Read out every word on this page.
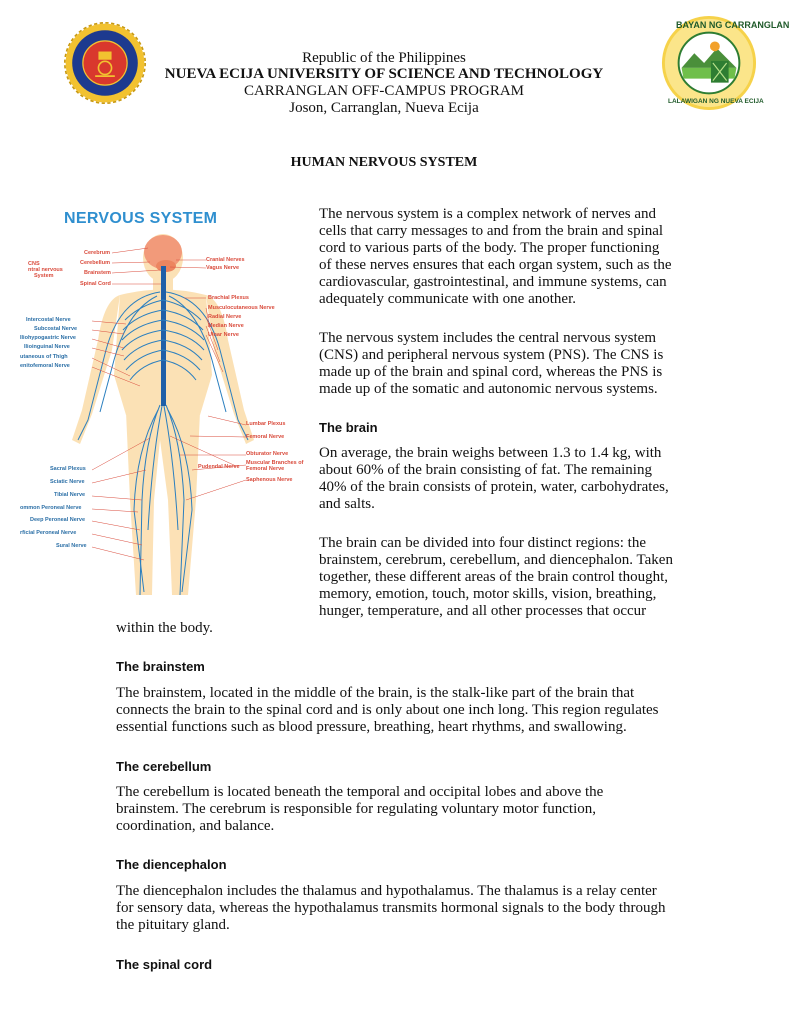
BAYAN NG CARRANGLAN
LALAWIGAN NG NUEVA ECIJA
Republic of the Philippines
NUEVA ECIJA UNIVERSITY OF SCIENCE AND TECHNOLOGY
CARRANGLAN OFF-CAMPUS PROGRAM
Joson, Carranglan, Nueva Ecija
HUMAN NERVOUS SYSTEM
NERVOUS SYSTEM
CNS
ntral nervous
System
Cerebrum
Cerebellum
Brainstem
Spinal Cord
Cranial Nerves
Vagus Nerve
Brachial Plexus
Musculocutaneous Nerve
Radial Nerve
Median Nerve
Ulnar Nerve
Intercostal Nerve
Subcostal Nerve
Iliohypogastric Nerve
Ilioinguinal Nerve
utaneous of Thigh
enitofemoral Nerve
Lumbar Plexus
Femoral Nerve
Obturator Nerve
Muscular Branches of Femoral Nerve
Saphenous Nerve
Pudendal Nerve
Sacral Plexus
Sciatic Nerve
Tibial Nerve
ommon Peroneal Nerve
Deep Peroneal Nerve
rficial Peroneal Nerve
Sural Nerve
The nervous system is a complex network of nerves and
cells that carry messages to and from the brain and spinal
cord to various parts of the body. The proper functioning
of these nerves ensures that each organ system, such as the
cardiovascular, gastrointestinal, and immune systems, can
adequately communicate with one another.
The nervous system includes the central nervous system
(CNS) and peripheral nervous system (PNS). The CNS is
made up of the brain and spinal cord, whereas the PNS is
made up of the somatic and autonomic nervous systems.
The brain
On average, the brain weighs between 1.3 to 1.4 kg, with
about 60% of the brain consisting of fat. The remaining
40% of the brain consists of protein, water, carbohydrates,
and salts.
The brain can be divided into four distinct regions: the
brainstem, cerebrum, cerebellum, and diencephalon. Taken
together, these different areas of the brain control thought,
memory, emotion, touch, motor skills, vision, breathing,
hunger, temperature, and all other processes that occur
within the body.
The brainstem
The brainstem, located in the middle of the brain, is the stalk-like part of the brain that
connects the brain to the spinal cord and is only about one inch long. This region regulates
essential functions such as blood pressure, breathing, heart rhythms, and swallowing.
The cerebellum
The cerebellum is located beneath the temporal and occipital lobes and above the
brainstem. The cerebrum is responsible for regulating voluntary motor function,
coordination, and balance.
The diencephalon
The diencephalon includes the thalamus and hypothalamus. The thalamus is a relay center
for sensory data, whereas the hypothalamus transmits hormonal signals to the body through
the pituitary gland.
The spinal cord
